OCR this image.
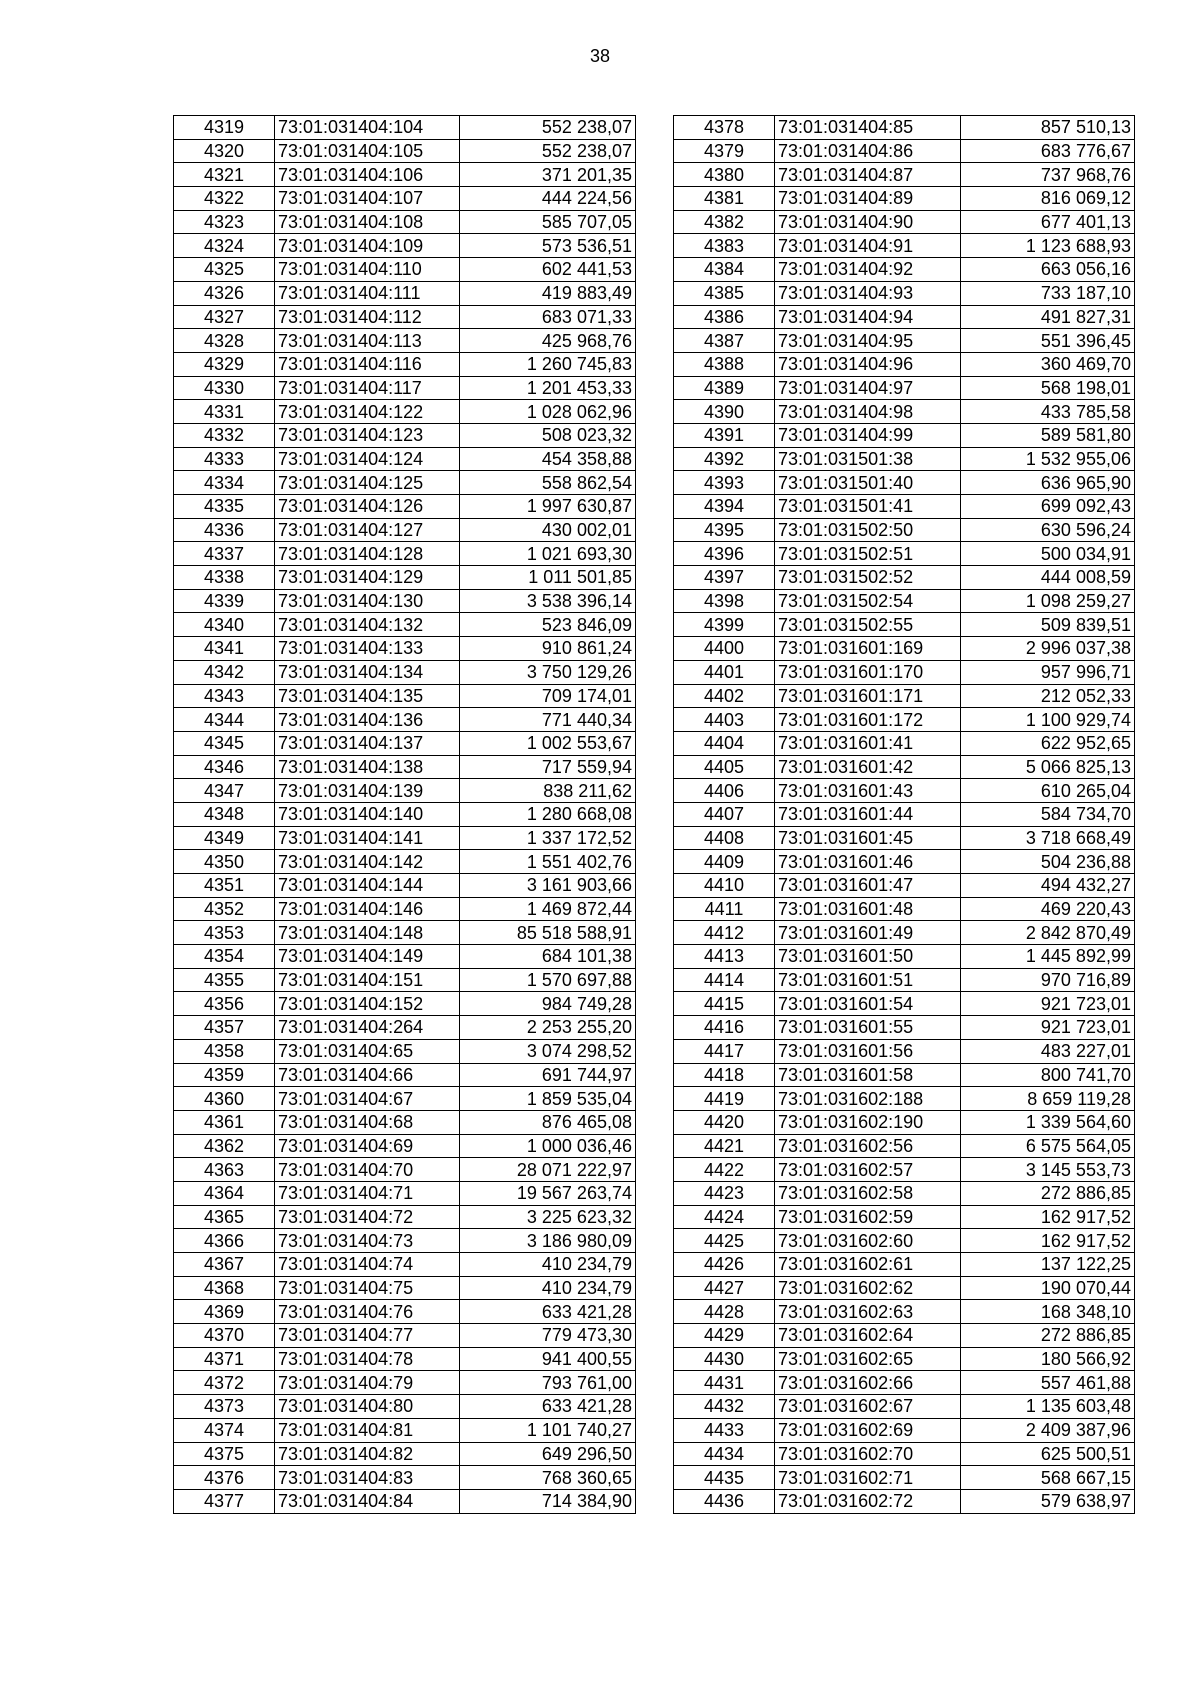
38
4319	73:01:031404:104	552 238,07
4320	73:01:031404:105	552 238,07
4321	73:01:031404:106	371 201,35
4322	73:01:031404:107	444 224,56
4323	73:01:031404:108	585 707,05
4324	73:01:031404:109	573 536,51
4325	73:01:031404:110	602 441,53
4326	73:01:031404:111	419 883,49
4327	73:01:031404:112	683 071,33
4328	73:01:031404:113	425 968,76
4329	73:01:031404:116	1 260 745,83
4330	73:01:031404:117	1 201 453,33
4331	73:01:031404:122	1 028 062,96
4332	73:01:031404:123	508 023,32
4333	73:01:031404:124	454 358,88
4334	73:01:031404:125	558 862,54
4335	73:01:031404:126	1 997 630,87
4336	73:01:031404:127	430 002,01
4337	73:01:031404:128	1 021 693,30
4338	73:01:031404:129	1 011 501,85
4339	73:01:031404:130	3 538 396,14
4340	73:01:031404:132	523 846,09
4341	73:01:031404:133	910 861,24
4342	73:01:031404:134	3 750 129,26
4343	73:01:031404:135	709 174,01
4344	73:01:031404:136	771 440,34
4345	73:01:031404:137	1 002 553,67
4346	73:01:031404:138	717 559,94
4347	73:01:031404:139	838 211,62
4348	73:01:031404:140	1 280 668,08
4349	73:01:031404:141	1 337 172,52
4350	73:01:031404:142	1 551 402,76
4351	73:01:031404:144	3 161 903,66
4352	73:01:031404:146	1 469 872,44
4353	73:01:031404:148	85 518 588,91
4354	73:01:031404:149	684 101,38
4355	73:01:031404:151	1 570 697,88
4356	73:01:031404:152	984 749,28
4357	73:01:031404:264	2 253 255,20
4358	73:01:031404:65	3 074 298,52
4359	73:01:031404:66	691 744,97
4360	73:01:031404:67	1 859 535,04
4361	73:01:031404:68	876 465,08
4362	73:01:031404:69	1 000 036,46
4363	73:01:031404:70	28 071 222,97
4364	73:01:031404:71	19 567 263,74
4365	73:01:031404:72	3 225 623,32
4366	73:01:031404:73	3 186 980,09
4367	73:01:031404:74	410 234,79
4368	73:01:031404:75	410 234,79
4369	73:01:031404:76	633 421,28
4370	73:01:031404:77	779 473,30
4371	73:01:031404:78	941 400,55
4372	73:01:031404:79	793 761,00
4373	73:01:031404:80	633 421,28
4374	73:01:031404:81	1 101 740,27
4375	73:01:031404:82	649 296,50
4376	73:01:031404:83	768 360,65
4377	73:01:031404:84	714 384,90
4378	73:01:031404:85	857 510,13
4379	73:01:031404:86	683 776,67
4380	73:01:031404:87	737 968,76
4381	73:01:031404:89	816 069,12
4382	73:01:031404:90	677 401,13
4383	73:01:031404:91	1 123 688,93
4384	73:01:031404:92	663 056,16
4385	73:01:031404:93	733 187,10
4386	73:01:031404:94	491 827,31
4387	73:01:031404:95	551 396,45
4388	73:01:031404:96	360 469,70
4389	73:01:031404:97	568 198,01
4390	73:01:031404:98	433 785,58
4391	73:01:031404:99	589 581,80
4392	73:01:031501:38	1 532 955,06
4393	73:01:031501:40	636 965,90
4394	73:01:031501:41	699 092,43
4395	73:01:031502:50	630 596,24
4396	73:01:031502:51	500 034,91
4397	73:01:031502:52	444 008,59
4398	73:01:031502:54	1 098 259,27
4399	73:01:031502:55	509 839,51
4400	73:01:031601:169	2 996 037,38
4401	73:01:031601:170	957 996,71
4402	73:01:031601:171	212 052,33
4403	73:01:031601:172	1 100 929,74
4404	73:01:031601:41	622 952,65
4405	73:01:031601:42	5 066 825,13
4406	73:01:031601:43	610 265,04
4407	73:01:031601:44	584 734,70
4408	73:01:031601:45	3 718 668,49
4409	73:01:031601:46	504 236,88
4410	73:01:031601:47	494 432,27
4411	73:01:031601:48	469 220,43
4412	73:01:031601:49	2 842 870,49
4413	73:01:031601:50	1 445 892,99
4414	73:01:031601:51	970 716,89
4415	73:01:031601:54	921 723,01
4416	73:01:031601:55	921 723,01
4417	73:01:031601:56	483 227,01
4418	73:01:031601:58	800 741,70
4419	73:01:031602:188	8 659 119,28
4420	73:01:031602:190	1 339 564,60
4421	73:01:031602:56	6 575 564,05
4422	73:01:031602:57	3 145 553,73
4423	73:01:031602:58	272 886,85
4424	73:01:031602:59	162 917,52
4425	73:01:031602:60	162 917,52
4426	73:01:031602:61	137 122,25
4427	73:01:031602:62	190 070,44
4428	73:01:031602:63	168 348,10
4429	73:01:031602:64	272 886,85
4430	73:01:031602:65	180 566,92
4431	73:01:031602:66	557 461,88
4432	73:01:031602:67	1 135 603,48
4433	73:01:031602:69	2 409 387,96
4434	73:01:031602:70	625 500,51
4435	73:01:031602:71	568 667,15
4436	73:01:031602:72	579 638,97
